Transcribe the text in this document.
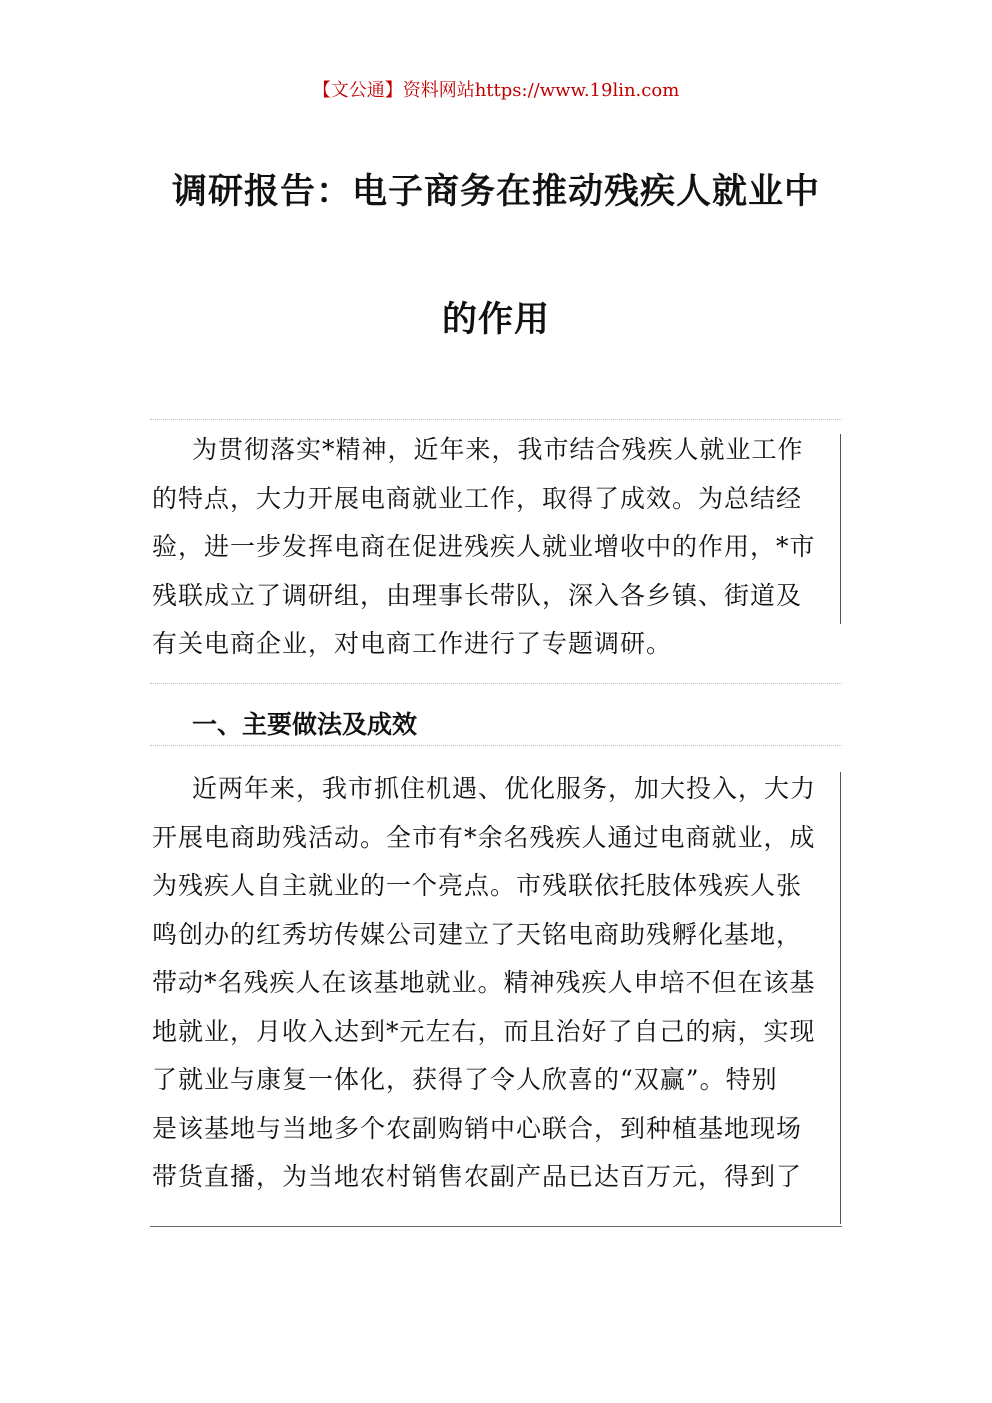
【文公通】资料网站https://www.19lin.com
调研报告：电子商务在推动残疾人就业中
的作用
为贯彻落实*精神，近年来，我市结合残疾人就业工作
的特点，大力开展电商就业工作，取得了成效。为总结经
验，进一步发挥电商在促进残疾人就业增收中的作用，*市
残联成立了调研组，由理事长带队，深入各乡镇、街道及
有关电商企业，对电商工作进行了专题调研。
一、主要做法及成效
近两年来，我市抓住机遇、优化服务，加大投入，大力
开展电商助残活动。全市有*余名残疾人通过电商就业，成
为残疾人自主就业的一个亮点。市残联依托肢体残疾人张
鸣创办的红秀坊传媒公司建立了天铭电商助残孵化基地，
带动*名残疾人在该基地就业。精神残疾人申培不但在该基
地就业，月收入达到*元左右，而且治好了自己的病，实现
了就业与康复一体化，获得了令人欣喜的“双赢”。特别
是该基地与当地多个农副购销中心联合，到种植基地现场
带货直播，为当地农村销售农副产品已达百万元，得到了
